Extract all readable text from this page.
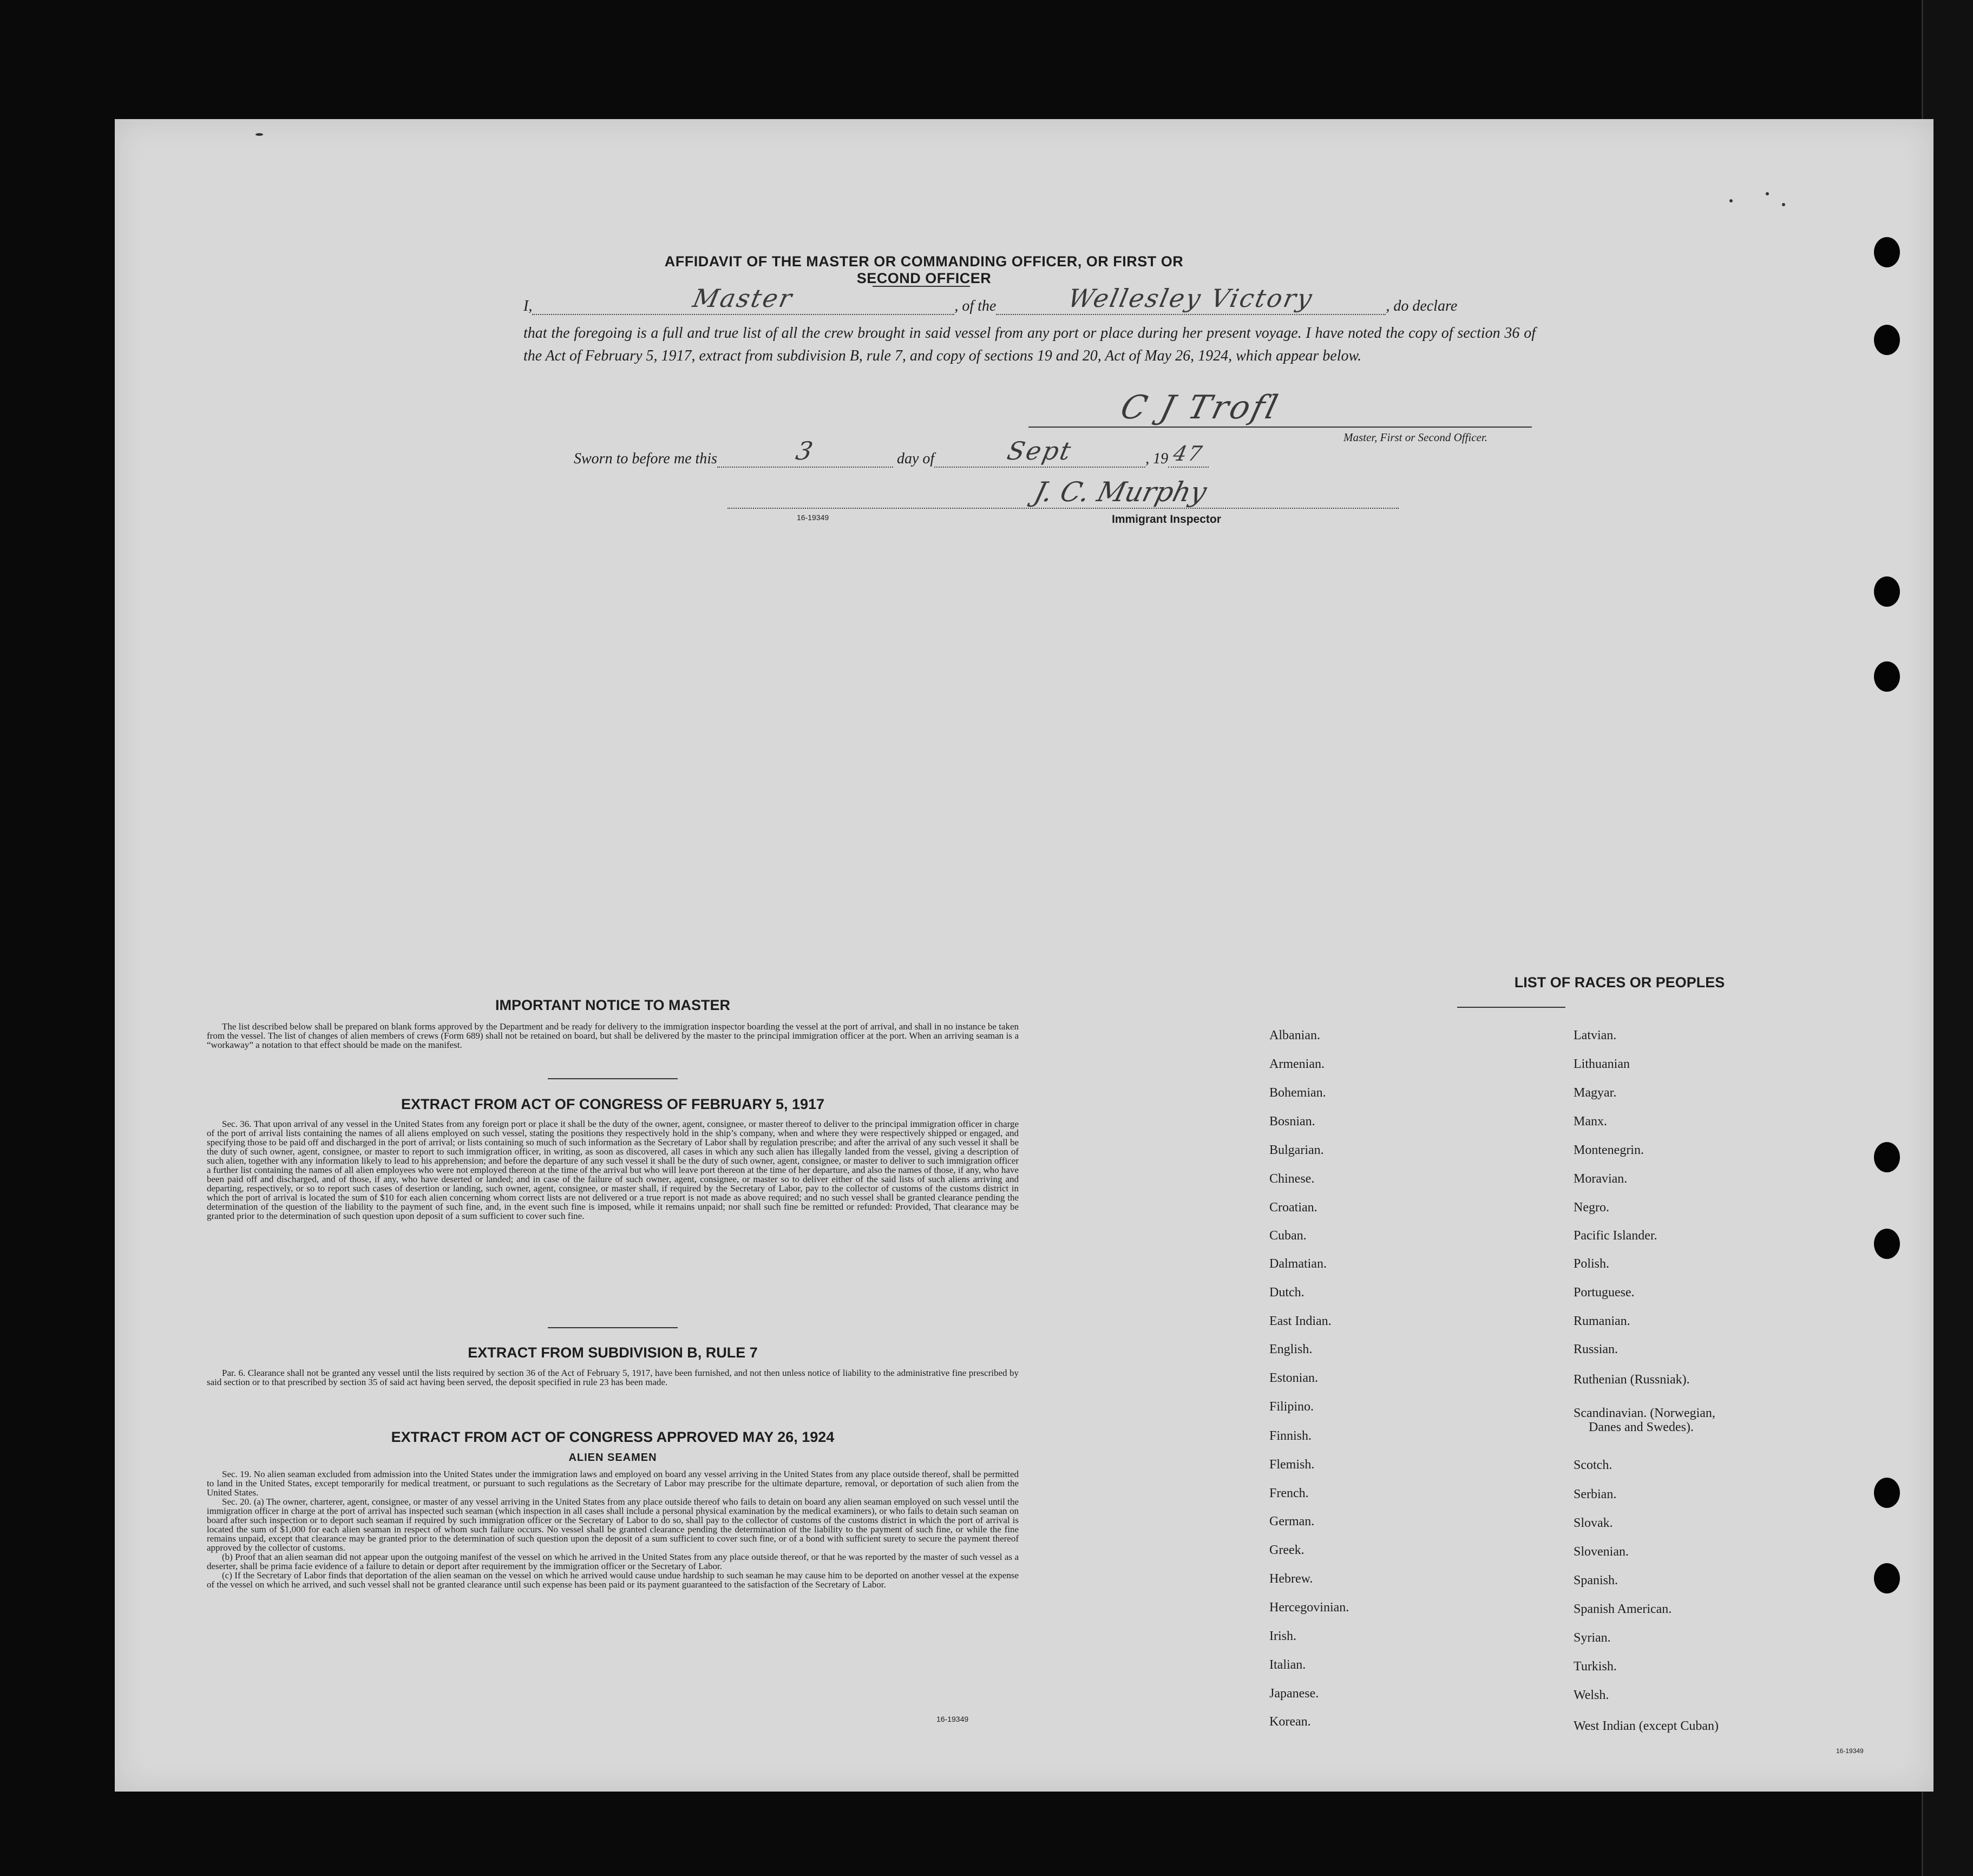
AFFIDAVIT OF THE MASTER OR COMMANDING OFFICER, OR FIRST OR SECOND OFFICER
I,	Master	, of the	Wellesley Victory	, do declare
that the foregoing is a full and true list of all the crew brought in said vessel from any port or place during her present voyage. I have noted the copy of section 36 of the Act of February 5, 1917, extract from subdivision B, rule 7, and copy of sections 19 and 20, Act of May 26, 1924, which appear below.
C J Trofl
Master, First or Second Officer.
Sworn to before me this	3	day of	Sept	, 19 47
J. C. Murphy
16-19349	Immigrant Inspector
IMPORTANT NOTICE TO MASTER

The list described below shall be prepared on blank forms approved by the Department and be ready for delivery to the immigration inspector boarding the vessel at the port of arrival, and shall in no instance be taken from the vessel. The list of changes of alien members of crews (Form 689) shall not be retained on board, but shall be delivered by the master to the principal immigration officer at the port. When an arriving seaman is a “workaway” a notation to that effect should be made on the manifest.

EXTRACT FROM ACT OF CONGRESS OF FEBRUARY 5, 1917

Sec. 36. That upon arrival of any vessel in the United States from any foreign port or place it shall be the duty of the owner, agent, consignee, or master thereof to deliver to the principal immigration officer in charge of the port of arrival lists containing the names of all aliens employed on such vessel, stating the positions they respectively hold in the ship’s company, when and where they were respectively shipped or engaged, and specifying those to be paid off and discharged in the port of arrival; or lists containing so much of such information as the Secretary of Labor shall by regulation prescribe; and after the arrival of any such vessel it shall be the duty of such owner, agent, consignee, or master to report to such immigration officer, in writing, as soon as discovered, all cases in which any such alien has illegally landed from the vessel, giving a description of such alien, together with any information likely to lead to his apprehension; and before the departure of any such vessel it shall be the duty of such owner, agent, consignee, or master to deliver to such immigration officer a further list containing the names of all alien employees who were not employed thereon at the time of the arrival but who will leave port thereon at the time of her departure, and also the names of those, if any, who have been paid off and discharged, and of those, if any, who have deserted or landed; and in case of the failure of such owner, agent, consignee, or master so to deliver either of the said lists of such aliens arriving and departing, respectively, or so to report such cases of desertion or landing, such owner, agent, consignee, or master shall, if required by the Secretary of Labor, pay to the collector of customs of the customs district in which the port of arrival is located the sum of $10 for each alien concerning whom correct lists are not delivered or a true report is not made as above required; and no such vessel shall be granted clearance pending the determination of the question of the liability to the payment of such fine, and, in the event such fine is imposed, while it remains unpaid; nor shall such fine be remitted or refunded: Provided, That clearance may be granted prior to the determination of such question upon deposit of a sum sufficient to cover such fine.

EXTRACT FROM SUBDIVISION B, RULE 7

Par. 6. Clearance shall not be granted any vessel until the lists required by section 36 of the Act of February 5, 1917, have been furnished, and not then unless notice of liability to the administrative fine prescribed by said section or to that prescribed by section 35 of said act having been served, the deposit specified in rule 23 has been made.

EXTRACT FROM ACT OF CONGRESS APPROVED MAY 26, 1924
ALIEN SEAMEN

Sec. 19. No alien seaman excluded from admission into the United States under the immigration laws and employed on board any vessel arriving in the United States from any place outside thereof, shall be permitted to land in the United States, except temporarily for medical treatment, or pursuant to such regulations as the Secretary of Labor may prescribe for the ultimate departure, removal, or deportation of such alien from the United States.

Sec. 20. (a) The owner, charterer, agent, consignee, or master of any vessel arriving in the United States from any place outside thereof who fails to detain on board any alien seaman employed on such vessel until the immigration officer in charge at the port of arrival has inspected such seaman (which inspection in all cases shall include a personal physical examination by the medical examiners), or who fails to detain such seaman on board after such inspection or to deport such seaman if required by such immigration officer or the Secretary of Labor to do so, shall pay to the collector of customs of the customs district in which the port of arrival is located the sum of $1,000 for each alien seaman in respect of whom such failure occurs. No vessel shall be granted clearance pending the determination of the liability to the payment of such fine, or while the fine remains unpaid, except that clearance may be granted prior to the determination of such question upon the deposit of a sum sufficient to cover such fine, or of a bond with sufficient surety to secure the payment thereof approved by the collector of customs.

(b) Proof that an alien seaman did not appear upon the outgoing manifest of the vessel on which he arrived in the United States from any place outside thereof, or that he was reported by the master of such vessel as a deserter, shall be prima facie evidence of a failure to detain or deport after requirement by the immigration officer or the Secretary of Labor.

(c) If the Secretary of Labor finds that deportation of the alien seaman on the vessel on which he arrived would cause undue hardship to such seaman he may cause him to be deported on another vessel at the expense of the vessel on which he arrived, and such vessel shall not be granted clearance until such expense has been paid or its payment guaranteed to the satisfaction of the Secretary of Labor.

16-19349
LIST OF RACES OR PEOPLES
Albanian.
Armenian.
Bohemian.
Bosnian.
Bulgarian.
Chinese.
Croatian.
Cuban.
Dalmatian.
Dutch.
East Indian.
English.
Estonian.
Filipino.
Finnish.
Flemish.
French.
German.
Greek.
Hebrew.
Hercegovinian.
Irish.
Italian.
Japanese.
Korean.
Latvian.
Lithuanian
Magyar.
Manx.
Montenegrin.
Moravian.
Negro.
Pacific Islander.
Polish.
Portuguese.
Rumanian.
Russian.
Ruthenian (Russniak).
Scandinavian. (Norwegian,
Danes and Swedes).
Scotch.
Serbian.
Slovak.
Slovenian.
Spanish.
Spanish American.
Syrian.
Turkish.
Welsh.
West Indian (except Cuban)
16-19349
